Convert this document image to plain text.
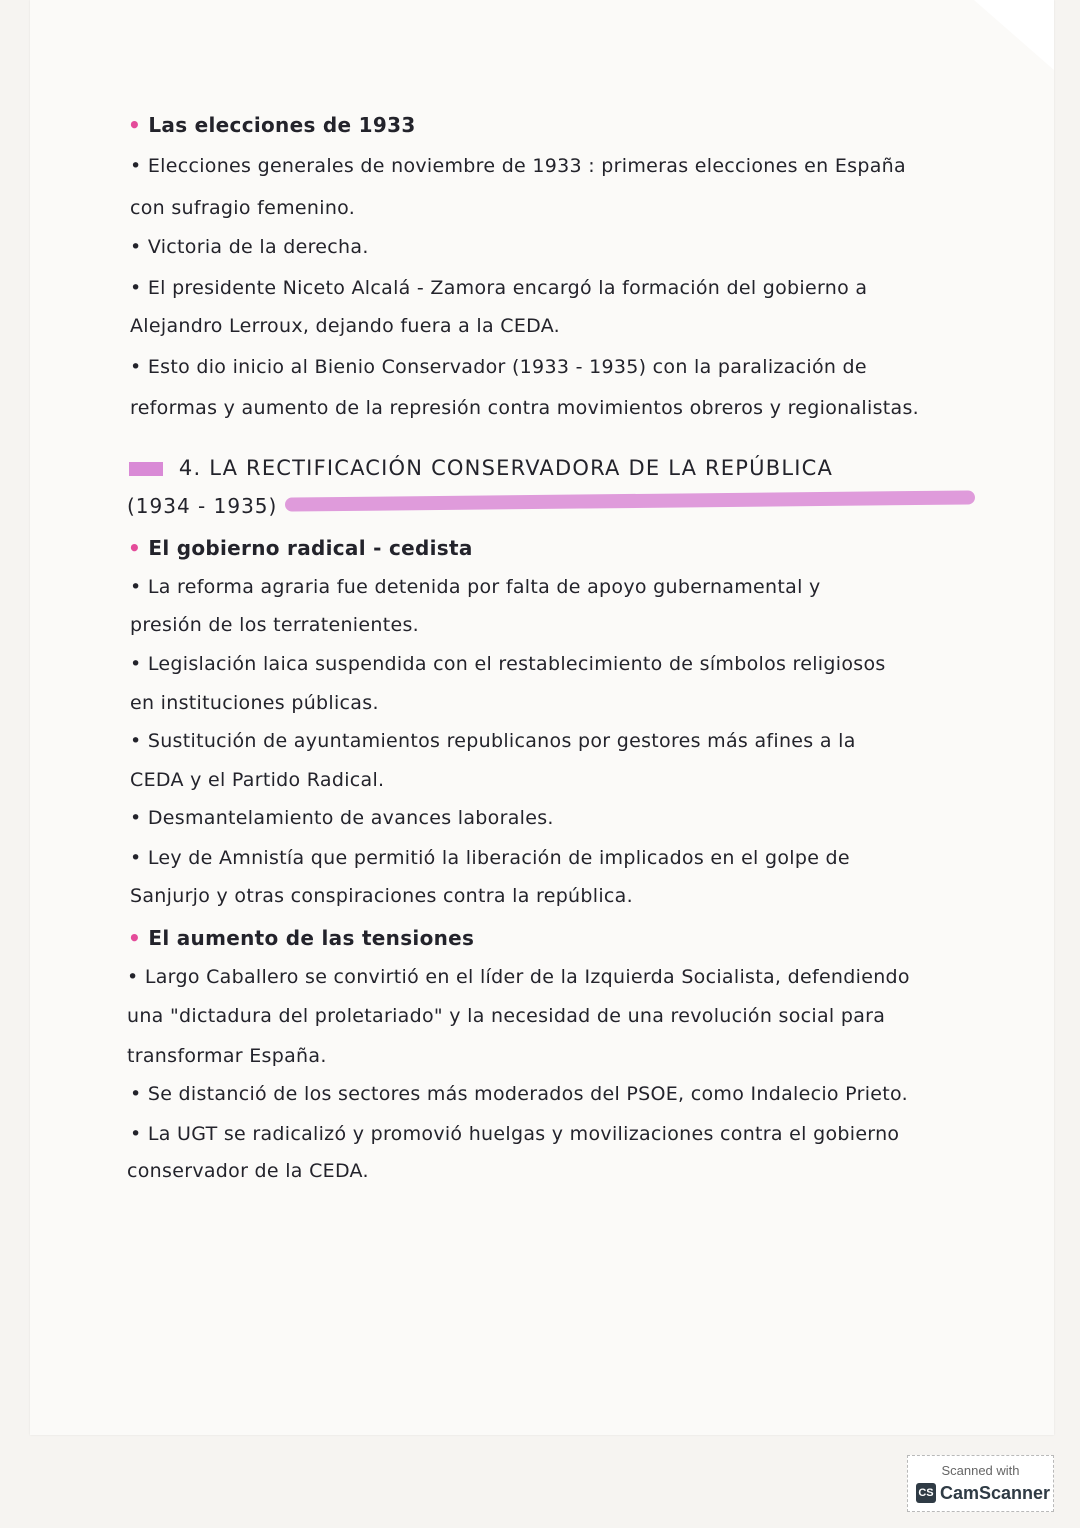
• Las elecciones de 1933
• Elecciones generales de noviembre de 1933 : primeras elecciones en España
con sufragio femenino.
• Victoria de la derecha.
• El presidente Niceto Alcalá - Zamora encargó la formación del gobierno a
Alejandro Lerroux, dejando fuera a la CEDA.
• Esto dio inicio al Bienio Conservador (1933 - 1935) con la paralización de
reformas y aumento de la represión contra movimientos obreros y regionalistas.
4. LA RECTIFICACIÓN CONSERVADORA DE LA REPÚBLICA
(1934 - 1935)
• El gobierno radical - cedista
• La reforma agraria fue detenida por falta de apoyo gubernamental y
presión de los terratenientes.
• Legislación laica suspendida con el restablecimiento de símbolos religiosos
en instituciones públicas.
• Sustitución de ayuntamientos republicanos por gestores más afines a la
CEDA y el Partido Radical.
• Desmantelamiento de avances laborales.
• Ley de Amnistía que permitió la liberación de implicados en el golpe de
Sanjurjo y otras conspiraciones contra la república.
• El aumento de las tensiones
• Largo Caballero se convirtió en el líder de la Izquierda Socialista, defendiendo
una "dictadura del proletariado" y la necesidad de una revolución social para
transformar España.
• Se distanció de los sectores más moderados del PSOE, como Indalecio Prieto.
• La UGT se radicalizó y promovió huelgas y movilizaciones contra el gobierno
conservador de la CEDA.
Scanned with
CS CamScanner
